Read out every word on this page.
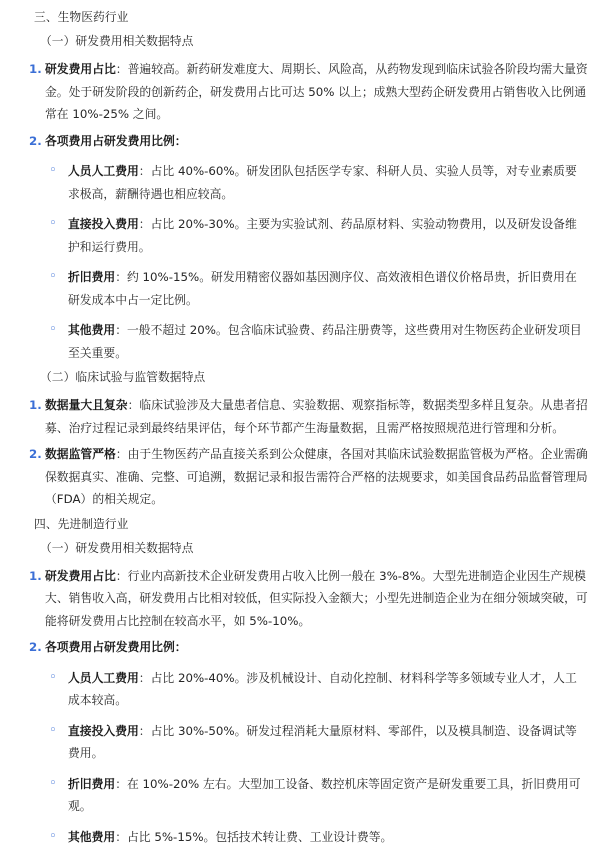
三、生物医药行业
（一）研发费用相关数据特点
1. 研发费用占比：普遍较高。新药研发难度大、周期长、风险高，从药物发现到临床试验各阶段均需大量资金。处于研发阶段的创新药企，研发费用占比可达 50% 以上；成熟大型药企研发费用占销售收入比例通常在 10%-25% 之间。
2. 各项费用占研发费用比例：
◦ 人员人工费用：占比 40%-60%。研发团队包括医学专家、科研人员、实验人员等，对专业素质要求极高，薪酬待遇也相应较高。
◦ 直接投入费用：占比 20%-30%。主要为实验试剂、药品原材料、实验动物费用，以及研发设备维护和运行费用。
◦ 折旧费用：约 10%-15%。研发用精密仪器如基因测序仪、高效液相色谱仪价格昂贵，折旧费用在研发成本中占一定比例。
◦ 其他费用：一般不超过 20%。包含临床试验费、药品注册费等，这些费用对生物医药企业研发项目至关重要。
（二）临床试验与监管数据特点
1. 数据量大且复杂：临床试验涉及大量患者信息、实验数据、观察指标等，数据类型多样且复杂。从患者招募、治疗过程记录到最终结果评估，每个环节都产生海量数据，且需严格按照规范进行管理和分析。
2. 数据监管严格：由于生物医药产品直接关系到公众健康，各国对其临床试验数据监管极为严格。企业需确保数据真实、准确、完整、可追溯，数据记录和报告需符合严格的法规要求，如美国食品药品监督管理局（FDA）的相关规定。
四、先进制造行业
（一）研发费用相关数据特点
1. 研发费用占比：行业内高新技术企业研发费用占收入比例一般在 3%-8%。大型先进制造企业因生产规模大、销售收入高，研发费用占比相对较低，但实际投入金额大；小型先进制造企业为在细分领域突破，可能将研发费用占比控制在较高水平，如 5%-10%。
2. 各项费用占研发费用比例：
◦ 人员人工费用：占比 20%-40%。涉及机械设计、自动化控制、材料科学等多领域专业人才，人工成本较高。
◦ 直接投入费用：占比 30%-50%。研发过程消耗大量原材料、零部件，以及模具制造、设备调试等费用。
◦ 折旧费用：在 10%-20% 左右。大型加工设备、数控机床等固定资产是研发重要工具，折旧费用可观。
◦ 其他费用：占比 5%-15%。包括技术转让费、工业设计费等。
